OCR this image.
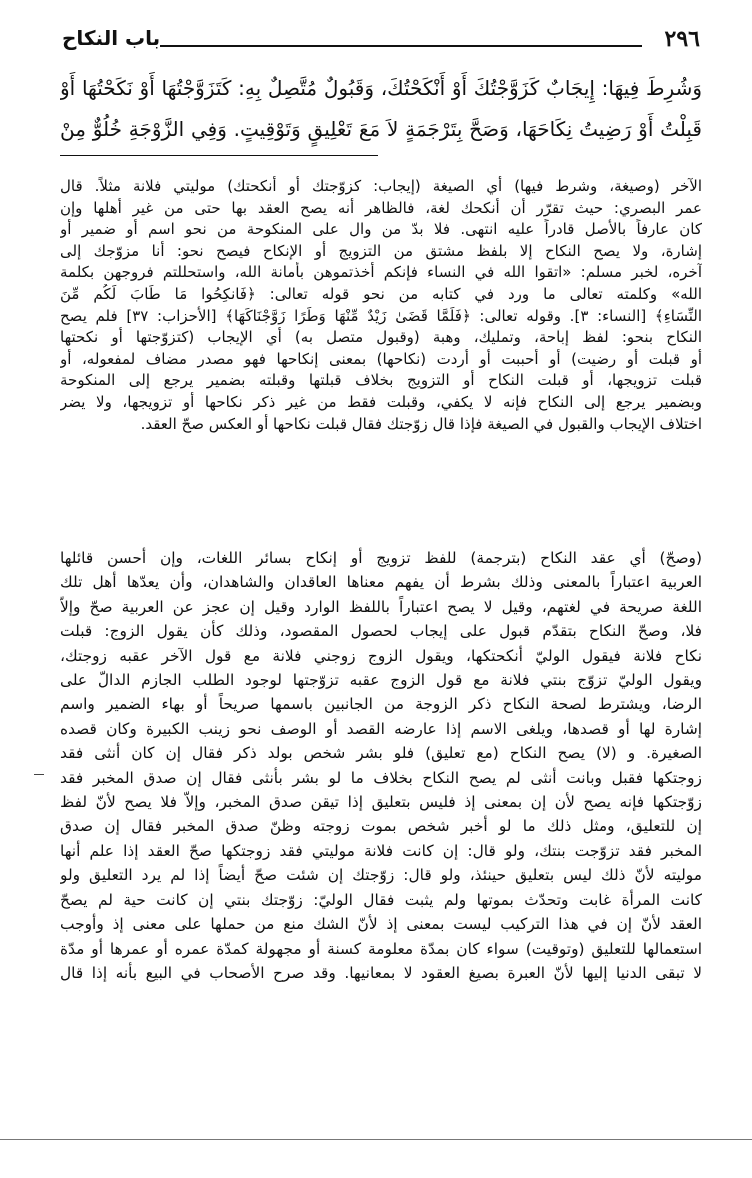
٢٩٦
باب النكاح
وَشُرِطَ فِيهَا: إِيجَابٌ كَزَوَّجْتُكَ أَوْ أَنْكَحْتُكَ، وَقَبُولٌ مُتَّصِلٌ بِهِ: كَتَزَوَّجْتُهَا أَوْ نَكَحْتُهَا أَوْ
قَبِلْتُ أَوْ رَضِيتُ نِكَاحَهَا، وَصَحَّ بِتَرْجَمَةٍ لاَ مَعَ تَعْلِيقٍ وَتَوْقِيتٍ. وَفِي الزَّوْجَةِ خُلُوٌّ مِنْ
الآخر (وصيغة، وشرط فيها) أي الصيغة (إيجاب: كزوّجتك أو أنكحتك) موليتي فلانة مثلاً. قال
عمر البصري: حيث تقرّر أن أنكحك لغة، فالظاهر أنه يصح العقد بها حتى من غير أهلها وإن
كان عارفاً بالأصل قادراً عليه انتهى. فلا بدّ من وال على المنكوحة من نحو اسم أو ضمير أو
إشارة، ولا يصح النكاح إلا بلفظ مشتق من التزويج أو الإنكاح فيصح نحو: أنا مزوّجك إلى
آخره، لخبر مسلم: «اتقوا الله في النساء فإنكم أخذتموهن بأمانة الله، واستحللتم فروجهن بكلمة
الله» وكلمته تعالى ما ورد في كتابه من نحو قوله تعالى: ﴿فَانكِحُوا مَا طَابَ لَكُم مِّنَ
النِّسَاءِ﴾ [النساء: ٣]. وقوله تعالى: ﴿فَلَمَّا قَضَىٰ زَيْدٌ مِّنْهَا وَطَرًا زَوَّجْنَاكَهَا﴾ [الأحزاب: ٣٧] فلم يصح
النكاح بنحو: لفظ إباحة، وتمليك، وهبة (وقبول متصل به) أي الإيجاب (كتزوّجتها أو نكحتها
أو قبلت أو رضيت) أو أحببت أو أردت (نكاحها) بمعنى إنكاحها فهو مصدر مضاف لمفعوله، أو
قبلت تزويجها، أو قبلت النكاح أو التزويج بخلاف قبلتها وقبلته بضمير يرجع إلى المنكوحة
وبضمير يرجع إلى النكاح فإنه لا يكفي، وقبلت فقط من غير ذكر نكاحها أو تزويجها، ولا يضر
اختلاف الإيجاب والقبول في الصيغة فإذا قال زوّجتك فقال قبلت نكاحها أو العكس صحّ العقد.
(وصحّ) أي عقد النكاح (بترجمة) للفظ تزويج أو إنكاح بسائر اللغات، وإن أحسن قائلها
العربية اعتباراً بالمعنى وذلك بشرط أن يفهم معناها العاقدان والشاهدان، وأن يعدّها أهل تلك
اللغة صريحة في لغتهم، وقيل لا يصح اعتباراً باللفظ الوارد وقيل إن عجز عن العربية صحّ وإلاّ
فلا، وصحّ النكاح بتقدّم قبول على إيجاب لحصول المقصود، وذلك كأن يقول الزوج: قبلت
نكاح فلانة فيقول الوليّ أنكحتكها، ويقول الزوج زوجني فلانة مع قول الآخر عقبه زوجتك،
ويقول الوليّ تزوّج بنتي فلانة مع قول الزوج عقبه تزوّجتها لوجود الطلب الجازم الدالّ على
الرضا، ويشترط لصحة النكاح ذكر الزوجة من الجانبين باسمها صريحاً أو بهاء الضمير واسم
إشارة لها أو قصدها، ويلغى الاسم إذا عارضه القصد أو الوصف نحو زينب الكبيرة وكان قصده
الصغيرة. و (لا) يصح النكاح (مع تعليق) فلو بشر شخص بولد ذكر فقال إن كان أنثى فقد
زوجتكها فقبل وبانت أنثى لم يصح النكاح بخلاف ما لو بشر بأنثى فقال إن صدق المخبر فقد
زوّجتكها فإنه يصح لأن إن بمعنى إذ فليس بتعليق إذا تيقن صدق المخبر، وإلاّ فلا يصح لأنّ لفظ
إن للتعليق، ومثل ذلك ما لو أخبر شخص بموت زوجته وظنّ صدق المخبر فقال إن صدق
المخبر فقد تزوّجت بنتك، ولو قال: إن كانت فلانة موليتي فقد زوجتكها صحّ العقد إذا علم أنها
موليته لأنّ ذلك ليس بتعليق حينئذ، ولو قال: زوّجتك إن شئت صحّ أيضاً إذا لم يرد التعليق ولو
كانت المرأة غابت وتحدّث بموتها ولم يثبت فقال الوليّ: زوّجتك بنتي إن كانت حية لم يصحّ
العقد لأنّ إن في هذا التركيب ليست بمعنى إذ لأنّ الشك منع من حملها على معنى إذ وأوجب
استعمالها للتعليق (وتوقيت) سواء كان بمدّة معلومة كسنة أو مجهولة كمدّة عمره أو عمرها أو مدّة
لا تبقى الدنيا إليها لأنّ العبرة بصيغ العقود لا بمعانيها. وقد صرح الأصحاب في البيع بأنه إذا قال
